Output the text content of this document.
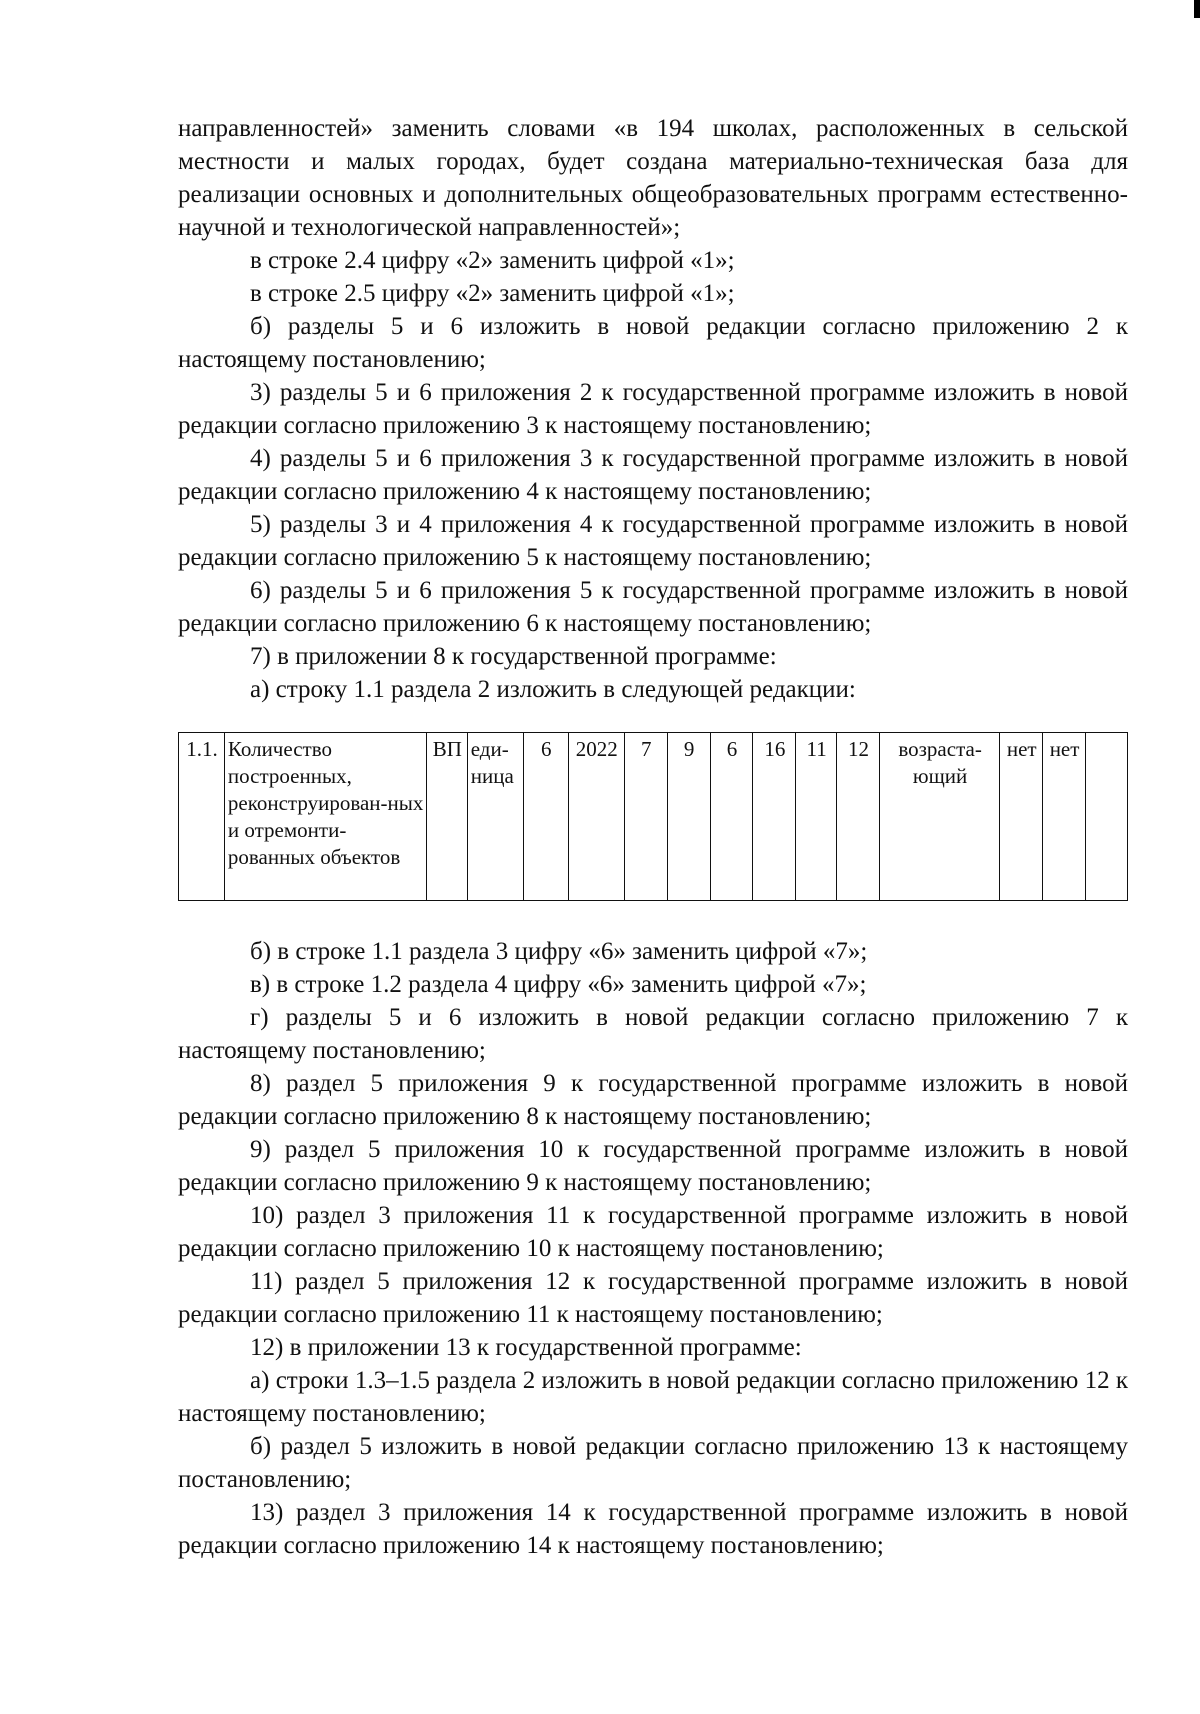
направленностей» заменить словами «в 194 школах, расположенных в сельской местности и малых городах, будет создана материально-техническая база для реализации основных и дополнительных общеобразовательных программ естественно-научной и технологической направленностей»;

в строке 2.4 цифру «2» заменить цифрой «1»;

в строке 2.5 цифру «2» заменить цифрой «1»;

б) разделы 5 и 6 изложить в новой редакции согласно приложению 2 к настоящему постановлению;

3) разделы 5 и 6 приложения 2 к государственной программе изложить в новой редакции согласно приложению 3 к настоящему постановлению;

4) разделы 5 и 6 приложения 3 к государственной программе изложить в новой редакции согласно приложению 4 к настоящему постановлению;

5) разделы 3 и 4 приложения 4 к государственной программе изложить в новой редакции согласно приложению 5 к настоящему постановлению;

6) разделы 5 и 6 приложения 5 к государственной программе изложить в новой редакции согласно приложению 6 к настоящему постановлению;

7) в приложении 8 к государственной программе:

а) строку 1.1 раздела 2 изложить в следующей редакции:

1.1.	Количество построенных, реконструирован-ных и отремонти-рованных объектов	ВП	еди-ница	6	2022	7	9	6	16	11	12	возраста-ющий	нет	нет	

б) в строке 1.1 раздела 3 цифру «6» заменить цифрой «7»;

в) в строке 1.2 раздела 4 цифру «6» заменить цифрой «7»;

г) разделы 5 и 6 изложить в новой редакции согласно приложению 7 к настоящему постановлению;

8) раздел 5 приложения 9 к государственной программе изложить в новой редакции согласно приложению 8 к настоящему постановлению;

9) раздел 5 приложения 10 к государственной программе изложить в новой редакции согласно приложению 9 к настоящему постановлению;

10) раздел 3 приложения 11 к государственной программе изложить в новой редакции согласно приложению 10 к настоящему постановлению;

11) раздел 5 приложения 12 к государственной программе изложить в новой редакции согласно приложению 11 к настоящему постановлению;

12) в приложении 13 к государственной программе:

а) строки 1.3–1.5 раздела 2 изложить в новой редакции согласно приложению 12 к настоящему постановлению;

б) раздел 5 изложить в новой редакции согласно приложению 13 к настоящему постановлению;

13) раздел 3 приложения 14 к государственной программе изложить в новой редакции согласно приложению 14 к настоящему постановлению;
